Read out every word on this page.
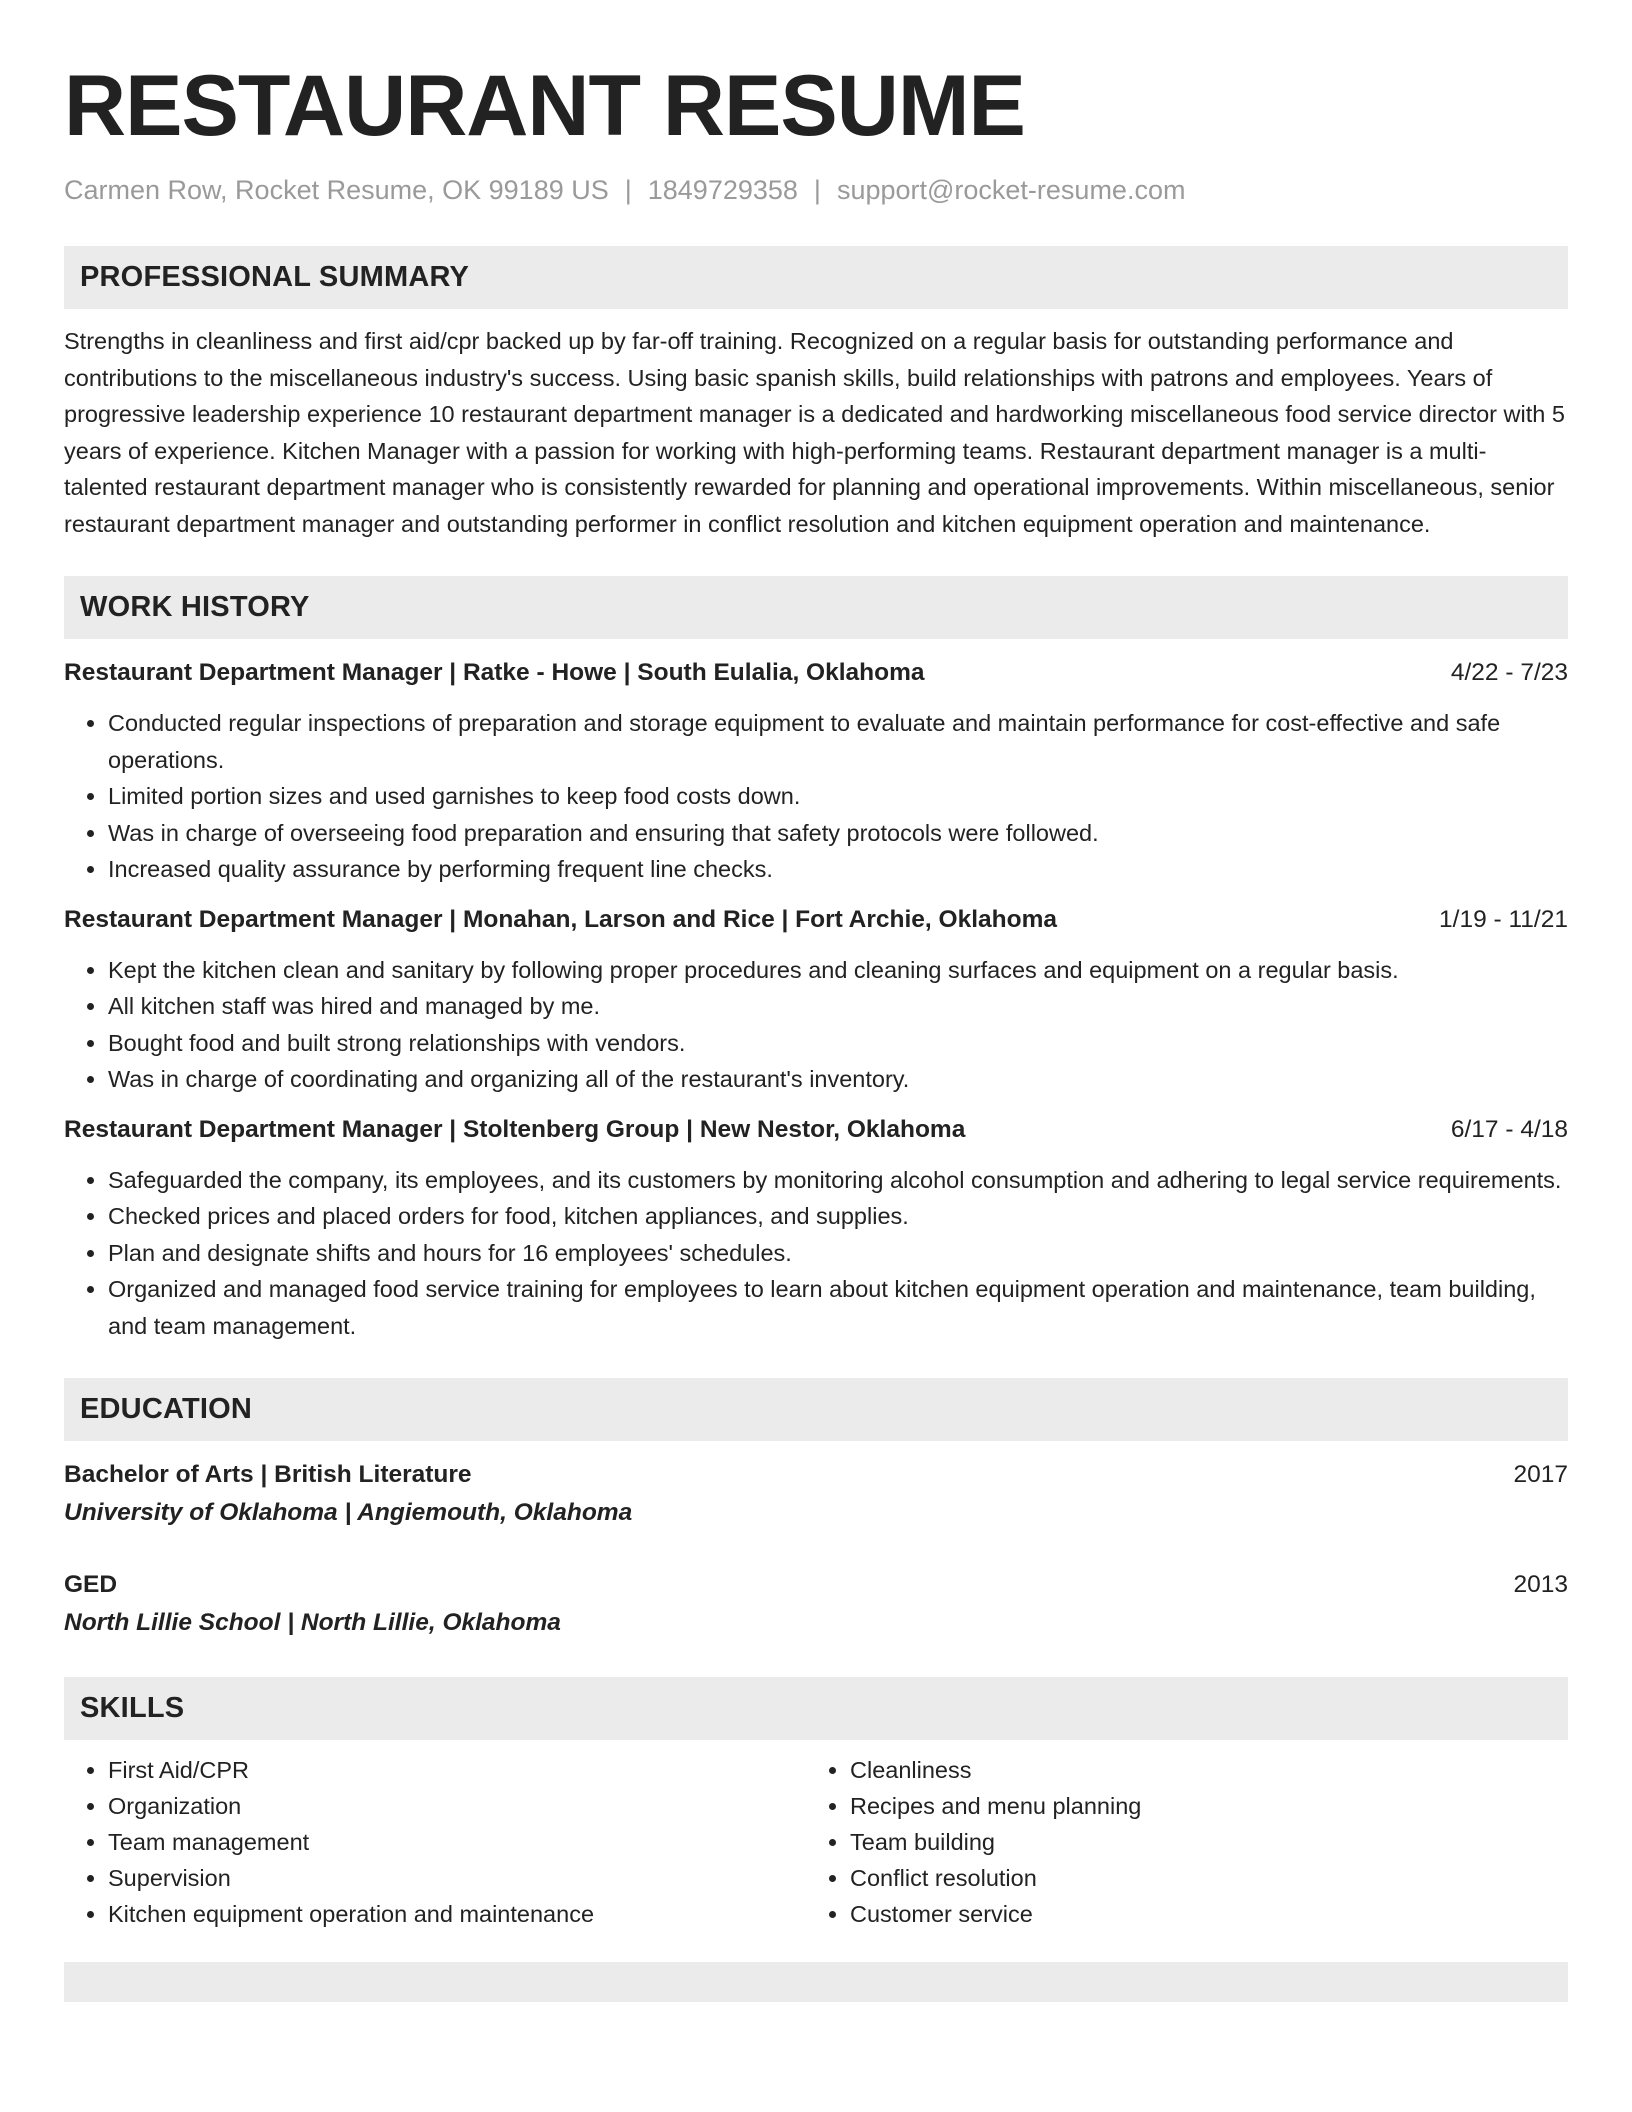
RESTAURANT RESUME
Carmen Row, Rocket Resume, OK 99189 US | 1849729358 | support@rocket-resume.com
PROFESSIONAL SUMMARY

Strengths in cleanliness and first aid/cpr backed up by far-off training. Recognized on a regular basis for outstanding performance and contributions to the miscellaneous industry's success. Using basic spanish skills, build relationships with patrons and employees. Years of progressive leadership experience 10 restaurant department manager is a dedicated and hardworking miscellaneous food service director with 5 years of experience. Kitchen Manager with a passion for working with high-performing teams. Restaurant department manager is a multi-talented restaurant department manager who is consistently rewarded for planning and operational improvements. Within miscellaneous, senior restaurant department manager and outstanding performer in conflict resolution and kitchen equipment operation and maintenance.

WORK HISTORY
Restaurant Department Manager | Ratke - Howe | South Eulalia, Oklahoma	4/22 - 7/23
• Conducted regular inspections of preparation and storage equipment to evaluate and maintain performance for cost-effective and safe operations.
• Limited portion sizes and used garnishes to keep food costs down.
• Was in charge of overseeing food preparation and ensuring that safety protocols were followed.
• Increased quality assurance by performing frequent line checks.
Restaurant Department Manager | Monahan, Larson and Rice | Fort Archie, Oklahoma	1/19 - 11/21
• Kept the kitchen clean and sanitary by following proper procedures and cleaning surfaces and equipment on a regular basis.
• All kitchen staff was hired and managed by me.
• Bought food and built strong relationships with vendors.
• Was in charge of coordinating and organizing all of the restaurant's inventory.
Restaurant Department Manager | Stoltenberg Group | New Nestor, Oklahoma	6/17 - 4/18
• Safeguarded the company, its employees, and its customers by monitoring alcohol consumption and adhering to legal service requirements.
• Checked prices and placed orders for food, kitchen appliances, and supplies.
• Plan and designate shifts and hours for 16 employees' schedules.
• Organized and managed food service training for employees to learn about kitchen equipment operation and maintenance, team building, and team management.
EDUCATION
Bachelor of Arts | British Literature	2017
University of Oklahoma | Angiemouth, Oklahoma
GED	2013
North Lillie School | North Lillie, Oklahoma
SKILLS
• First Aid/CPR
• Organization
• Team management
• Supervision
• Kitchen equipment operation and maintenance
• Cleanliness
• Recipes and menu planning
• Team building
• Conflict resolution
• Customer service
